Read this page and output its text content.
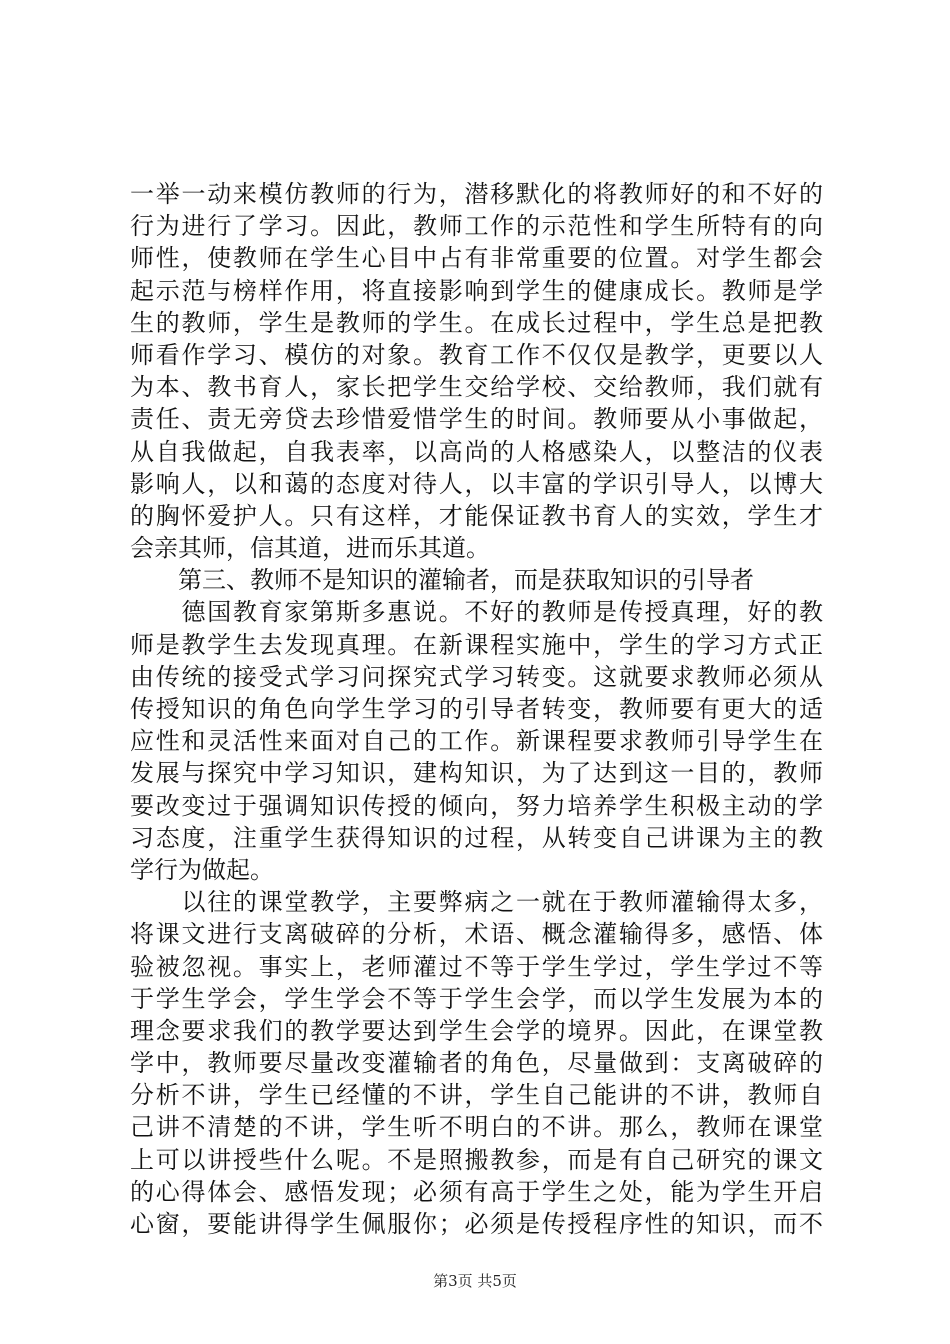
一举一动来模仿教师的行为，潜移默化的将教师好的和不好的
行为进行了学习。因此，教师工作的示范性和学生所特有的向
师性，使教师在学生心目中占有非常重要的位置。对学生都会
起示范与榜样作用，将直接影响到学生的健康成长。教师是学
生的教师，学生是教师的学生。在成长过程中，学生总是把教
师看作学习、模仿的对象。教育工作不仅仅是教学，更要以人
为本、教书育人，家长把学生交给学校、交给教师，我们就有
责任、责无旁贷去珍惜爱惜学生的时间。教师要从小事做起，
从自我做起，自我表率，以高尚的人格感染人，以整洁的仪表
影响人，以和蔼的态度对待人，以丰富的学识引导人，以博大
的胸怀爱护人。只有这样，才能保证教书育人的实效，学生才
会亲其师，信其道，进而乐其道。
　　第三、教师不是知识的灌输者，而是获取知识的引导者
　　德国教育家第斯多惠说。不好的教师是传授真理，好的教
师是教学生去发现真理。在新课程实施中，学生的学习方式正
由传统的接受式学习问探究式学习转变。这就要求教师必须从
传授知识的角色向学生学习的引导者转变，教师要有更大的适
应性和灵活性来面对自己的工作。新课程要求教师引导学生在
发展与探究中学习知识，建构知识，为了达到这一目的，教师
要改变过于强调知识传授的倾向，努力培养学生积极主动的学
习态度，注重学生获得知识的过程，从转变自己讲课为主的教
学行为做起。
　　以往的课堂教学，主要弊病之一就在于教师灌输得太多，
将课文进行支离破碎的分析，术语、概念灌输得多，感悟、体
验被忽视。事实上，老师灌过不等于学生学过，学生学过不等
于学生学会，学生学会不等于学生会学，而以学生发展为本的
理念要求我们的教学要达到学生会学的境界。因此，在课堂教
学中，教师要尽量改变灌输者的角色，尽量做到：支离破碎的
分析不讲，学生已经懂的不讲，学生自己能讲的不讲，教师自
己讲不清楚的不讲，学生听不明白的不讲。那么，教师在课堂
上可以讲授些什么呢。不是照搬教参，而是有自己研究的课文
的心得体会、感悟发现；必须有高于学生之处，能为学生开启
心窗，要能讲得学生佩服你；必须是传授程序性的知识，而不
第3页 共5页
